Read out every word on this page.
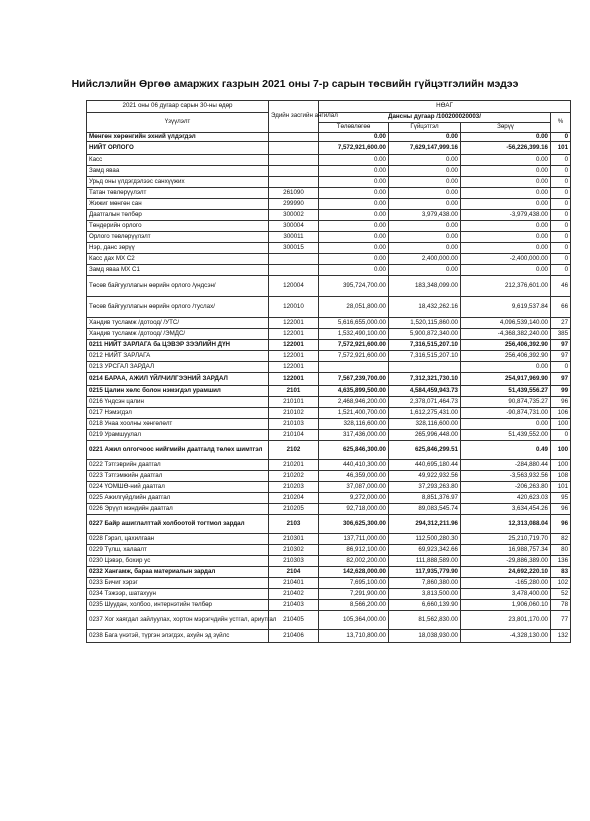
Нийслэлийн Өргөө амаржих газрын 2021 оны 7-р сарын төсвийн гүйцэтгэлийн мэдээ
2021 оны 06 дугаар сарын 30-ны өдөр	Эдийн засгийн ангилал	НӨАГ			
Үзүүлэлт		Дансны дугаар /100200020003/			%
		Төлөвлөгөө	Гүйцэтгэл	Зөрүү	
Мөнгөн хөрөнгийн эхний үлдэгдэл		0.00	0.00	0.00	0
НИЙТ ОРЛОГО		7,572,921,600.00	7,629,147,999.16	-56,226,399.16	101
Касс		0.00	0.00	0.00	0
Замд явaa		0.00	0.00	0.00	0
Урьд оны үлдэгдэлээс санхүүжих		0.00	0.00	0.00	0
Татан төвлөрүүлэлт	261090	0.00	0.00	0.00	0
Жижиг мөнгөн сан	299990	0.00	0.00	0.00	0
Даатгалын төлбөр	300002	0.00	3,979,438.00	-3,979,438.00	0
Төндерийн орлого	300004	0.00	0.00	0.00	0
Орлого төвлөрүүлэлт	300011	0.00	0.00	0.00	0
Нэр, данс зөрүү	300015	0.00	0.00	0.00	0
Касс дах МХ С2		0.00	2,400,000.00	-2,400,000.00	0
Замд явaa МХ С1		0.00	0.00	0.00	0
Төсөв байгууллагын өөрийн орлого /үндсэн/	120004	395,724,700.00	183,348,099.00	212,376,601.00	46
Төсөв байгууллагын өөрийн орлого /туслах/	120010	28,051,800.00	18,432,262.16	9,619,537.84	66
Хандив тусламж /дотоод/ /УТС/	122001	5,616,655,000.00	1,520,115,860.00	4,096,539,140.00	27
Хандив тусламж /дотоод/ /ЭМДС/	122001	1,532,490,100.00	5,900,872,340.00	-4,368,382,240.00	385
0211 НИЙТ ЗАРЛАГА ба ЦЭВЭР ЗЭЭЛИЙН ДҮН	122001	7,572,921,600.00	7,316,515,207.10	256,406,392.90	97
0212 НИЙТ ЗАРЛАГА	122001	7,572,921,600.00	7,316,515,207.10	256,406,392.90	97
0213 УРСГАЛ ЗАРДАЛ	122001			0.00	0
0214 БАРАА, АЖИЛ ҮЙЛЧИЛГЭЭНИЙ ЗАРДАЛ	122001	7,567,239,700.00	7,312,321,730.10	254,917,969.90	97
0215 Цалин хөлс болон нэмэгдэл урамшил	2101	4,635,899,500.00	4,584,459,943.73	51,439,556.27	99
0216 Үндсэн цалин	210101	2,468,946,200.00	2,378,071,464.73	90,874,735.27	96
0217 Нэмэгдэл	210102	1,521,400,700.00	1,612,275,431.00	-90,874,731.00	106
0218 Унаа хоолны хөнгөлөлт	210103	328,116,600.00	328,116,600.00	0.00	100
0219 Урамшуулал	210104	317,436,000.00	265,996,448.00	51,439,552.00	0
0221 Ажил олгогчоос нийгмийн даатгалд төлөх шимтгэл	2102	625,846,300.00	625,846,299.51	0.49	100
0222 Тэтгэврийн даатгал	210201	440,410,300.00	440,695,180.44	-284,880.44	100
0223 Тэтгэмжийн даатгал	210202	46,359,000.00	49,922,932.56	-3,563,932.56	108
0224 ҮОМШӨ-ний даатгал	210203	37,087,000.00	37,293,263.80	-206,263.80	101
0225 Ажилгүйдлийн даатгал	210204	9,272,000.00	8,851,376.97	420,623.03	95
0226 Эрүүл мэндийн даатгал	210205	92,718,000.00	89,083,545.74	3,634,454.26	96
0227 Байр ашиглалттай холбоотой тогтмол зардал	2103	306,625,300.00	294,312,211.96	12,313,088.04	96
0228 Гэрэл, цахилгаан	210301	137,711,000.00	112,500,280.30	25,210,719.70	82
0229 Түлш, халаалт	210302	86,912,100.00	69,923,342.66	16,988,757.34	80
0230 Цэвэр, бохир ус	210303	82,002,200.00	111,888,589.00	-29,886,389.00	136
0232 Хангамж, бараа материалын зардал	2104	142,628,000.00	117,935,779.90	24,692,220.10	83
0233 Бичиг хэрэг	210401	7,695,100.00	7,860,380.00	-165,280.00	102
0234 Тэжээр, шатахуун	210402	7,291,900.00	3,813,500.00	3,478,400.00	52
0235 Шуудан, холбоо, интернэтийн төлбөр	210403	8,566,200.00	6,660,139.90	1,906,060.10	78
0237 Хог хаягдал зайлуулах, хортон мэрэгчдийн устгал, ариутгал	210405	105,364,000.00	81,562,830.00	23,801,170.00	77
0238 Бага үнэтэй, түргэн элэгдэх, ахуйн эд зүйлс	210406	13,710,800.00	18,038,930.00	-4,328,130.00	132
